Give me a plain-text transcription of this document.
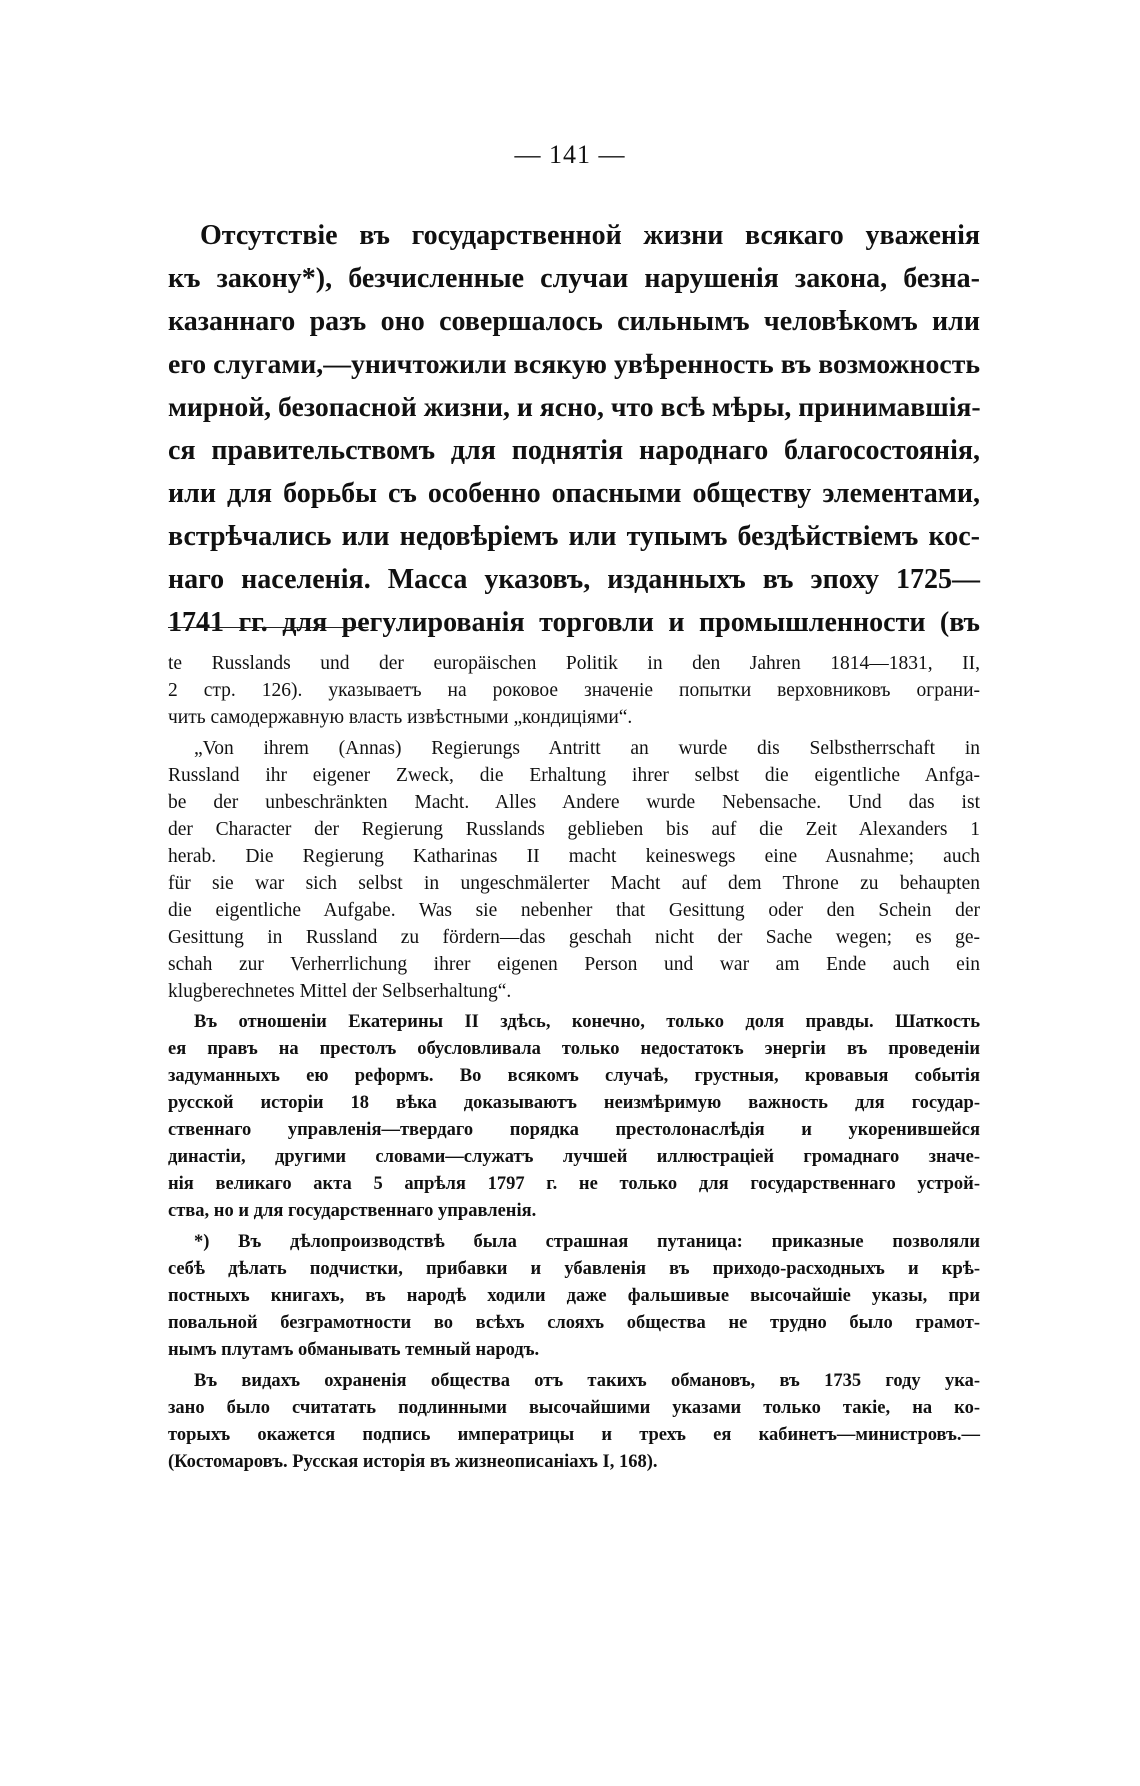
— 141 —
Отсутствіе въ государственной жизни всякаго уваженія
къ закону*), безчисленные случаи нарушенія закона, безна-
казаннаго разъ оно совершалось сильнымъ человѣкомъ или
его слугами,—уничтожили всякую увѣренность въ возможность
мирной, безопасной жизни, и ясно, что всѣ мѣры, принимавшія-
ся правительствомъ для поднятія народнаго благосостоянія,
или для борьбы съ особенно опасными обществу элементами,
встрѣчались или недовѣріемъ или тупымъ бездѣйствіемъ кос-
наго населенія. Масса указовъ, изданныхъ въ эпоху 1725—
1741 гг. для регулированія торговли и промышленности (въ
te Russlands und der europäischen Politik in den Jahren 1814—1831, II,
2 стр. 126). указываетъ на роковое значеніе попытки верховниковъ ограни-
чить самодержавную власть извѣстными „кондиціями“.
„Von ihrem (Annas) Regierungs Antritt an wurde dis Selbstherrschaft in
Russland ihr eigener Zweck, die Erhaltung ihrer selbst die eigentliche Anfga-
be der unbeschränkten Macht. Alles Andere wurde Nebensache. Und das ist
der Character der Regierung Russlands geblieben bis auf die Zeit Alexanders 1
herab. Die Regierung Katharinas II macht keineswegs eine Ausnahme; auch
für sie war sich selbst in ungeschmälerter Macht auf dem Throne zu behaupten
die eigentliche Aufgabe. Was sie nebenher that Gesittung oder den Schein der
Gesittung in Russland zu fördern—das geschah nicht der Sache wegen; es ge-
schah zur Verherrlichung ihrer eigenen Person und war am Ende auch ein
klugberechnetes Mittel der Selbserhaltung“.
Въ отношеніи Екатерины II здѣсь, конечно, только доля правды. Шаткость
ея правъ на престолъ обусловливала только недостатокъ энергіи въ проведеніи
задуманныхъ ею реформъ. Во всякомъ случаѣ, грустныя, кровавыя событія
русской исторіи 18 вѣка доказываютъ неизмѣримую важность для государ-
ственнаго управленія—твердаго порядка престолонаслѣдія и укоренившейся
династіи, другими словами—служатъ лучшей иллюстраціей громаднаго значе-
нія великаго акта 5 апрѣля 1797 г. не только для государственнаго устрой-
ства, но и для государственнаго управленія.
*) Въ дѣлопроизводствѣ была страшная путаница: приказные позволяли
себѣ дѣлать подчистки, прибавки и убавленія въ приходо-расходныхъ и крѣ-
постныхъ книгахъ, въ народѣ ходили даже фальшивые высочайшіе указы, при
повальной безграмотности во всѣхъ слояхъ общества не трудно было грамот-
нымъ плутамъ обманывать темный народъ.
Въ видахъ охраненія общества отъ такихъ обмановъ, въ 1735 году ука-
зано было считатать подлинными высочайшими указами только такіе, на ко-
торыхъ окажется подпись императрицы и трехъ ея кабинетъ—министровъ.—
(Костомаровъ. Русская исторія въ жизнеописаніахъ I, 168).
